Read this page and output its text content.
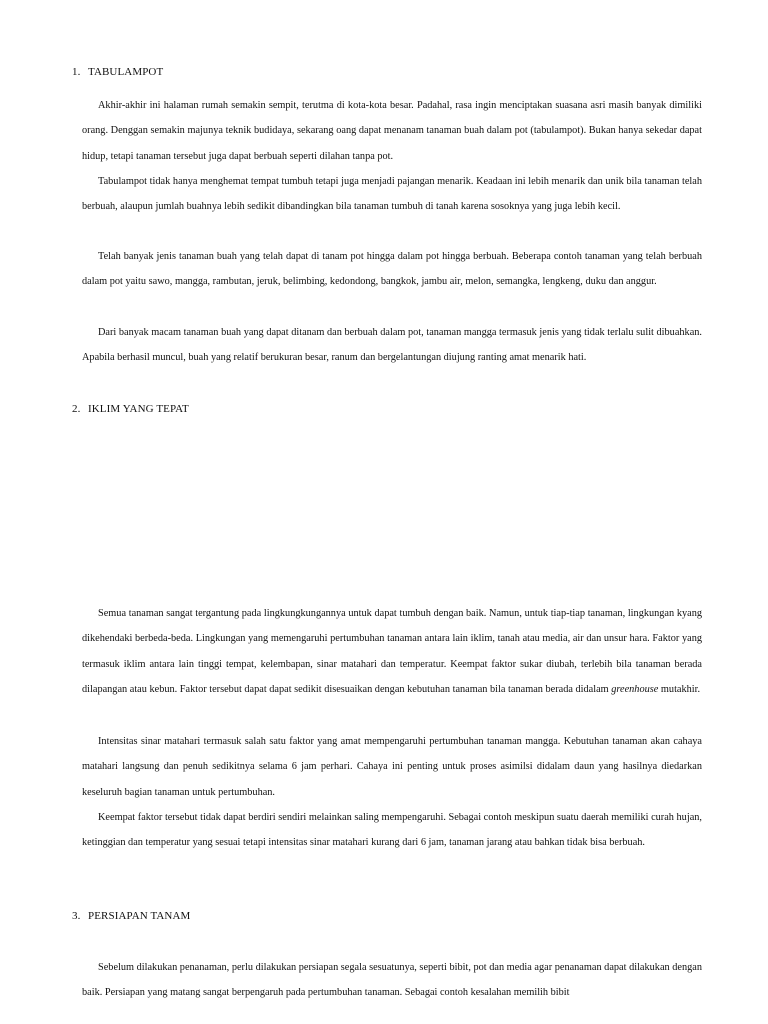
1. TABULAMPOT

Akhir-akhir ini halaman rumah semakin sempit, terutma di kota-kota besar. Padahal, rasa ingin menciptakan suasana asri masih banyak dimiliki orang. Denggan semakin majunya teknik budidaya, sekarang oang dapat menanam tanaman buah dalam pot (tabulampot). Bukan hanya sekedar dapat hidup, tetapi tanaman tersebut juga dapat berbuah seperti dilahan tanpa pot.

Tabulampot tidak hanya menghemat tempat tumbuh tetapi juga menjadi pajangan menarik. Keadaan ini lebih menarik dan unik bila tanaman telah berbuah, alaupun jumlah buahnya lebih sedikit dibandingkan bila tanaman tumbuh di tanah karena sosoknya yang juga lebih kecil.

Telah banyak jenis tanaman buah yang telah dapat di tanam pot hingga dalam pot hingga berbuah. Beberapa contoh tanaman yang telah berbuah dalam pot yaitu sawo, mangga, rambutan, jeruk, belimbing, kedondong, bangkok, jambu air, melon, semangka, lengkeng, duku dan anggur.

Dari banyak macam tanaman buah yang dapat ditanam dan berbuah dalam pot, tanaman mangga termasuk jenis yang tidak terlalu sulit dibuahkan. Apabila berhasil muncul, buah yang relatif berukuran besar, ranum dan bergelantungan diujung ranting amat menarik hati.

2. IKLIM YANG TEPAT

Semua tanaman sangat tergantung pada lingkungkungannya untuk dapat tumbuh dengan baik. Namun, untuk tiap-tiap tanaman, lingkungan kyang dikehendaki berbeda-beda. Lingkungan yang memengaruhi pertumbuhan tanaman antara lain iklim, tanah atau media, air dan unsur hara. Faktor yang termasuk iklim antara lain tinggi tempat, kelembapan, sinar matahari dan temperatur. Keempat faktor sukar diubah, terlebih bila tanaman berada dilapangan atau kebun. Faktor tersebut dapat dapat sedikit disesuaikan dengan kebutuhan tanaman bila tanaman berada didalam greenhouse mutakhir.

Intensitas sinar matahari termasuk salah satu faktor yang amat mempengaruhi pertumbuhan tanaman mangga. Kebutuhan tanaman akan cahaya matahari langsung dan penuh sedikitnya selama 6 jam perhari. Cahaya ini penting untuk proses asimilsi didalam daun yang hasilnya diedarkan keseluruh bagian tanaman untuk pertumbuhan.

Keempat faktor tersebut tidak dapat berdiri sendiri melainkan saling mempengaruhi. Sebagai contoh meskipun suatu daerah memiliki curah hujan, ketinggian dan temperatur yang sesuai tetapi intensitas sinar matahari kurang dari 6 jam, tanaman jarang atau bahkan tidak bisa berbuah.

3. PERSIAPAN TANAM

Sebelum dilakukan penanaman, perlu dilakukan persiapan segala sesuatunya, seperti bibit, pot dan media agar penanaman dapat dilakukan dengan baik. Persiapan yang matang sangat berpengaruh pada pertumbuhan tanaman. Sebagai contoh kesalahan memilih bibit
